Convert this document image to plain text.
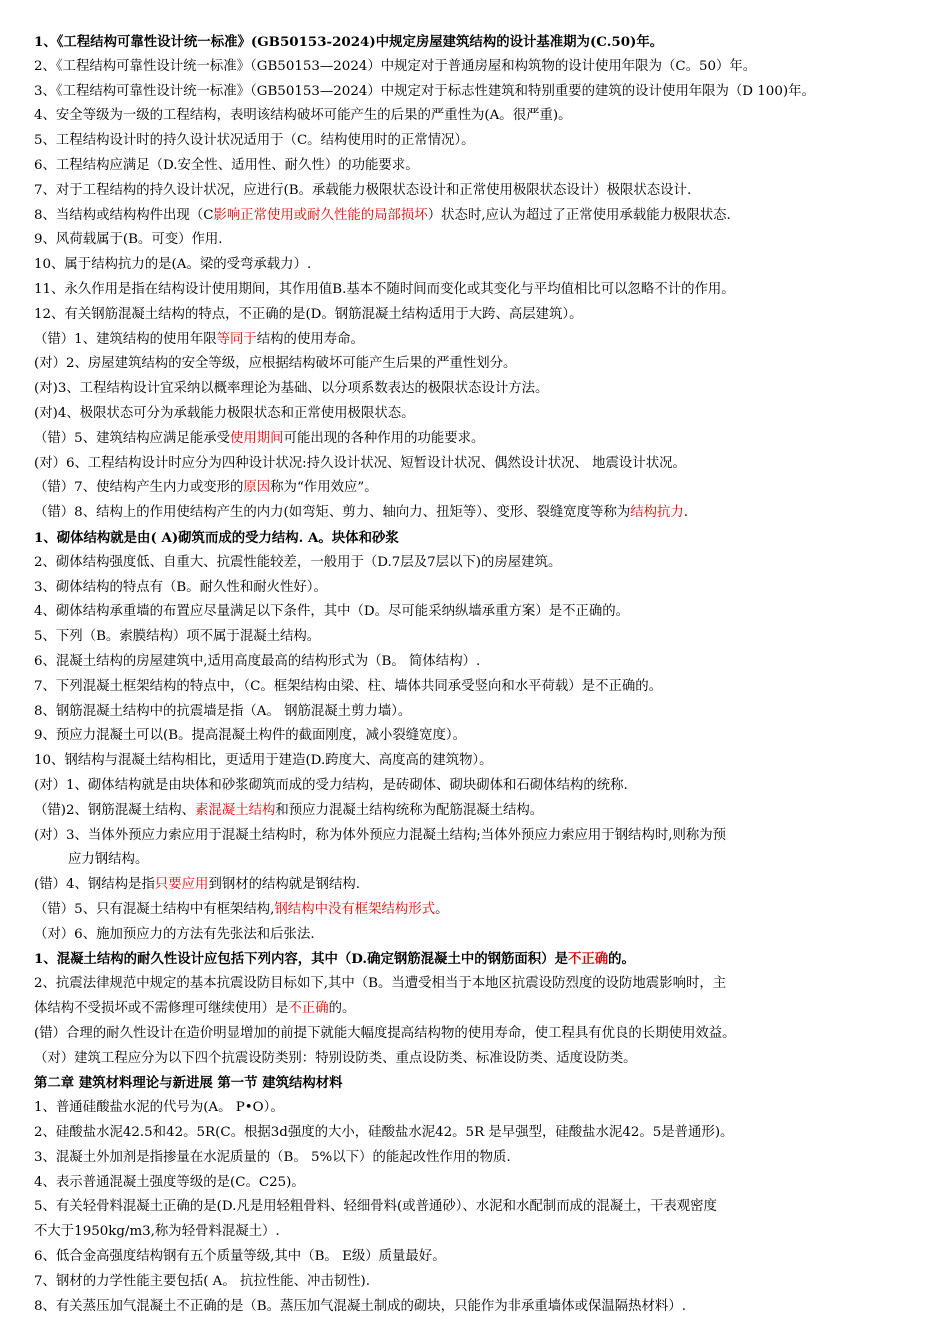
1、《工程结构可靠性设计统一标准》(GB50153-2024)中规定房屋建筑结构的设计基准期为(C.50)年。
2、《工程结构可靠性设计统一标准》（GB50153—2024）中规定对于普通房屋和构筑物的设计使用年限为（C。50）年。
3、《工程结构可靠性设计统一标准》（GB50153—2024）中规定对于标志性建筑和特别重要的建筑的设计使用年限为（D 100)年。
4、安全等级为一级的工程结构，表明该结构破坏可能产生的后果的严重性为(A。很严重)。
5、工程结构设计时的持久设计状况适用于（C。结构使用时的正常情况）。
6、工程结构应满足（D.安全性、适用性、耐久性）的功能要求。
7、对于工程结构的持久设计状况，应进行(B。承载能力极限状态设计和正常使用极限状态设计）极限状态设计.
8、当结构或结构构件出现（C影响正常使用或耐久性能的局部损坏）状态时,应认为超过了正常使用承载能力极限状态.
9、风荷载属于(B。可变）作用.
10、属于结构抗力的是(A。梁的受弯承载力）.
11、永久作用是指在结构设计使用期间，其作用值B.基本不随时间而变化或其变化与平均值相比可以忽略不计的作用。
12、有关钢筋混凝土结构的特点，不正确的是(D。钢筋混凝土结构适用于大跨、高层建筑）。
（错）1、建筑结构的使用年限等同于结构的使用寿命。
(对）2、房屋建筑结构的安全等级，应根据结构破坏可能产生后果的严重性划分。
(对)3、工程结构设计宜采纳以概率理论为基础、以分项系数表达的极限状态设计方法。
(对)4、极限状态可分为承载能力极限状态和正常使用极限状态。
（错）5、建筑结构应满足能承受使用期间可能出现的各种作用的功能要求。
(对）6、工程结构设计时应分为四种设计状况:持久设计状况、短暂设计状况、偶然设计状况、 地震设计状况。
（错）7、使结构产生内力或变形的原因称为“作用效应”。
（错）8、结构上的作用使结构产生的内力(如弯矩、剪力、轴向力、扭矩等）、变形、裂缝宽度等称为结构抗力.
1、砌体结构就是由( A)砌筑而成的受力结构. A。块体和砂浆
2、砌体结构强度低、自重大、抗震性能较差，一般用于（D.7层及7层以下)的房屋建筑。
3、砌体结构的特点有（B。耐久性和耐火性好）。
4、砌体结构承重墙的布置应尽量满足以下条件，其中（D。尽可能采纳纵墙承重方案）是不正确的。
5、下列（B。索膜结构）项不属于混凝土结构。
6、混凝土结构的房屋建筑中,适用高度最高的结构形式为（B。 简体结构）.
7、下列混凝土框架结构的特点中，（C。框架结构由梁、柱、墙体共同承受竖向和水平荷载）是不正确的。
8、钢筋混凝土结构中的抗震墙是指（A。 钢筋混凝土剪力墙）。
9、预应力混凝土可以(B。提高混凝土构件的截面刚度，减小裂缝宽度）。
10、钢结构与混凝土结构相比，更适用于建造(D.跨度大、高度高的建筑物）。
(对）1、砌体结构就是由块体和砂浆砌筑而成的受力结构，是砖砌体、砌块砌体和石砌体结构的统称.
（错)2、钢筋混凝土结构、素混凝土结构和预应力混凝土结构统称为配筋混凝土结构。
(对）3、当体外预应力索应用于混凝土结构时，称为体外预应力混凝土结构;当体外预应力索应用于钢结构时,则称为预
应力钢结构。
(错）4、钢结构是指只要应用到钢材的结构就是钢结构.
（错）5、只有混凝土结构中有框架结构,钢结构中没有框架结构形式。
（对）6、施加预应力的方法有先张法和后张法.
1、混凝土结构的耐久性设计应包括下列内容，其中（D.确定钢筋混凝土中的钢筋面积）是不正确的。
2、抗震法律规范中规定的基本抗震设防目标如下,其中（B。当遭受相当于本地区抗震设防烈度的设防地震影响时，主
体结构不受损坏或不需修理可继续使用）是不正确的。
(错）合理的耐久性设计在造价明显增加的前提下就能大幅度提高结构物的使用寿命，使工程具有优良的长期使用效益。
（对）建筑工程应分为以下四个抗震设防类别：特别设防类、重点设防类、标准设防类、适度设防类。
第二章 建筑材料理论与新进展 第一节 建筑结构材料
1、普通硅酸盐水泥的代号为(A。 P•O）。
2、硅酸盐水泥42.5和42。5R(C。根据3d强度的大小，硅酸盐水泥42。5R 是早强型，硅酸盐水泥42。5是普通形)。
3、混凝土外加剂是指掺量在水泥质量的（B。 5%以下）的能起改性作用的物质.
4、表示普通混凝土强度等级的是(C。C25)。
5、有关轻骨料混凝土正确的是(D.凡是用轻粗骨料、轻细骨料(或普通砂）、水泥和水配制而成的混凝土，干表观密度
不大于1950kg/m3,称为轻骨料混凝土）.
6、低合金高强度结构钢有五个质量等级,其中（B。 E级）质量最好。
7、钢材的力学性能主要包括( A。 抗拉性能、冲击韧性).
8、有关蒸压加气混凝土不正确的是（B。蒸压加气混凝土制成的砌块，只能作为非承重墙体或保温隔热材料）.
